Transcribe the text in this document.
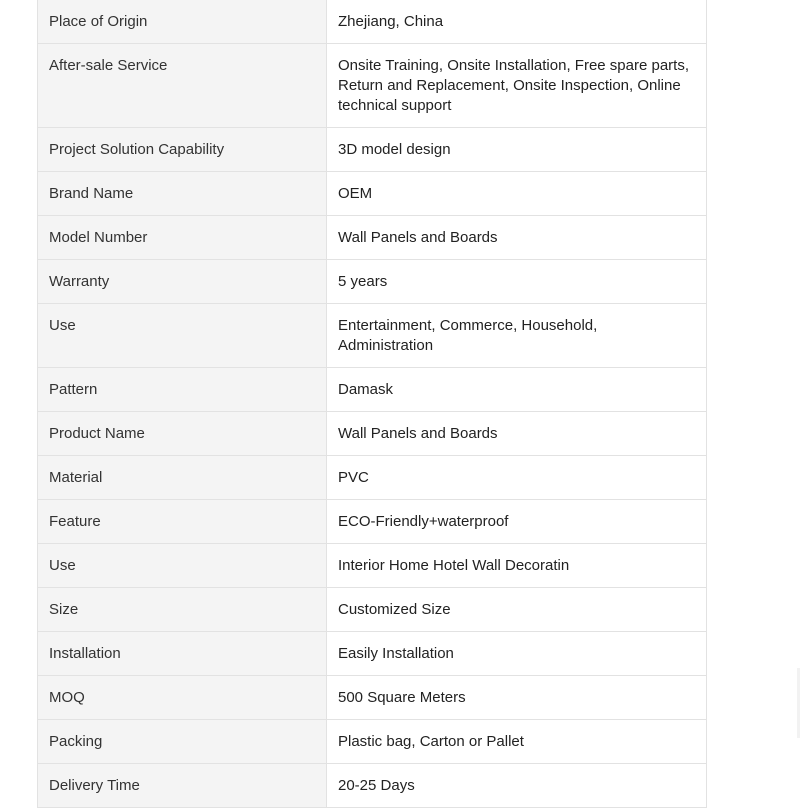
Place of Origin	Zhejiang, China
After-sale Service	Onsite Training, Onsite Installation, Free spare parts, Return and Replacement, Onsite Inspection, Online technical support
Project Solution Capability	3D model design
Brand Name	OEM
Model Number	Wall Panels and Boards
Warranty	5 years
Use	Entertainment, Commerce, Household, Administration
Pattern	Damask
Product Name	Wall Panels and Boards
Material	PVC
Feature	ECO-Friendly+waterproof
Use	Interior Home Hotel Wall Decoratin
Size	Customized Size
Installation	Easily Installation
MOQ	500 Square Meters
Packing	Plastic bag, Carton or Pallet
Delivery Time	20-25 Days
